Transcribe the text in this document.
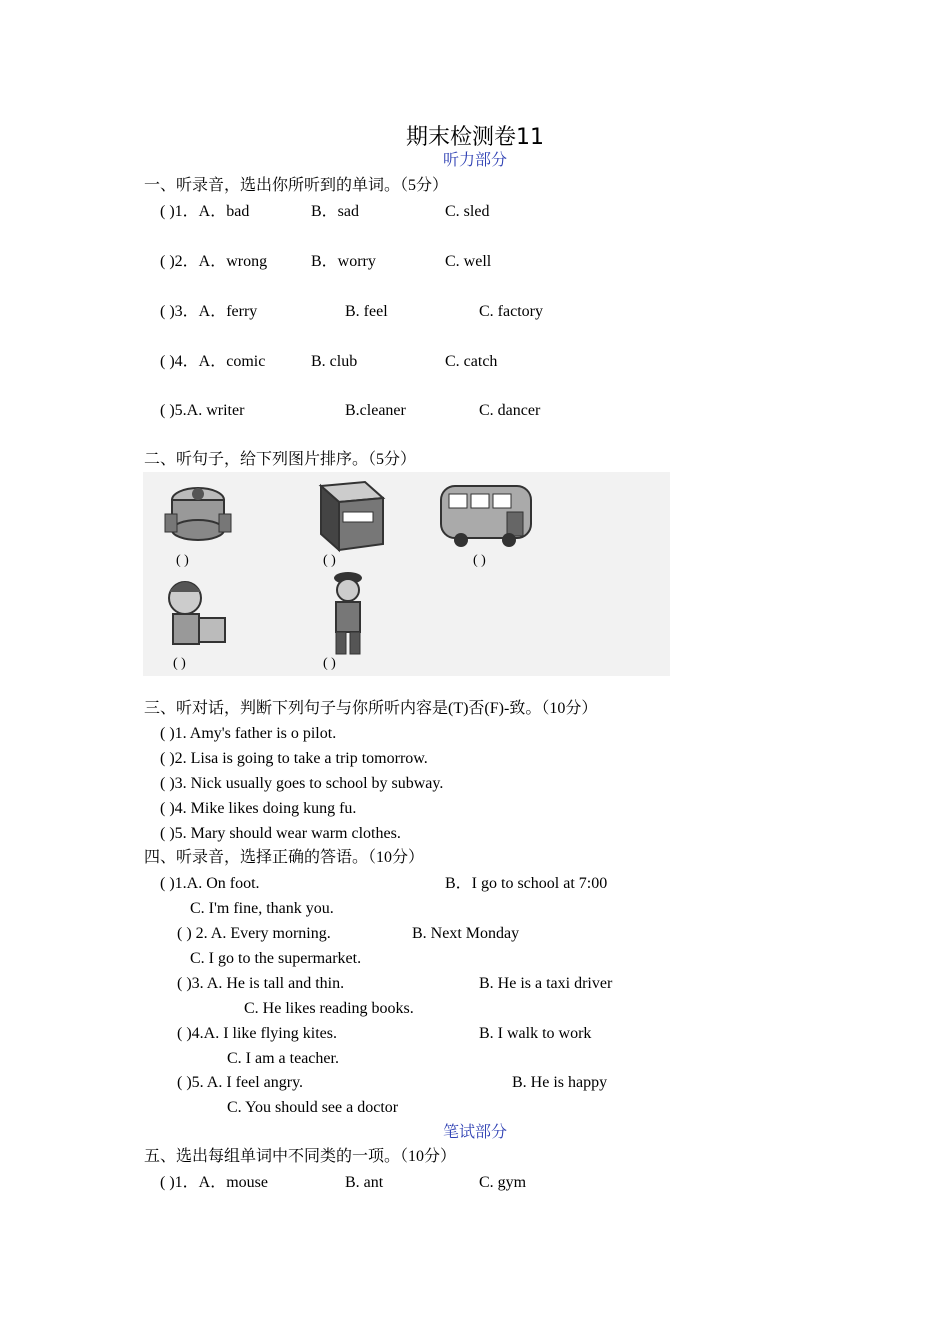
期末检测卷11
听力部分
一、听录音，选出你所听到的单词。（5分）
( )1．A．bad	B．sad	C. sled
( )2．A．wrong	B．worry	C. well
( )3．A．ferry	B. feel	C. factory
( )4．A．comic	B. club	C. catch
( )5.A. writer	B.cleaner	C. dancer
二、听句子，给下列图片排序。（5分）
( )	( )	( )
( )	( )
三、听对话，判断下列句子与你所听内容是(T)否(F)-致。（10分）
( )1. Amy's father is o pilot.
( )2. Lisa is going to take a trip tomorrow.
( )3. Nick usually goes to school by subway.
( )4. Mike likes doing kung fu.
( )5. Mary should wear warm clothes.
四、听录音，选择正确的答语。（10分）
( )1.A. On foot.	B．I go to school at 7:00
C. I'm fine, thank you.
( ) 2. A. Every morning.	B. Next Monday
C. I go to the supermarket.
( )3. A. He is tall and thin.	B. He is a taxi driver
C. He likes reading books.
( )4.A. I like flying kites.	B. I walk to work
C. I am a teacher.
( )5. A. I feel angry.	B. He is happy
C. You should see a doctor
笔试部分
五、选出每组单词中不同类的一项。（10分）
( )1．A．mouse	B. ant	C. gym
